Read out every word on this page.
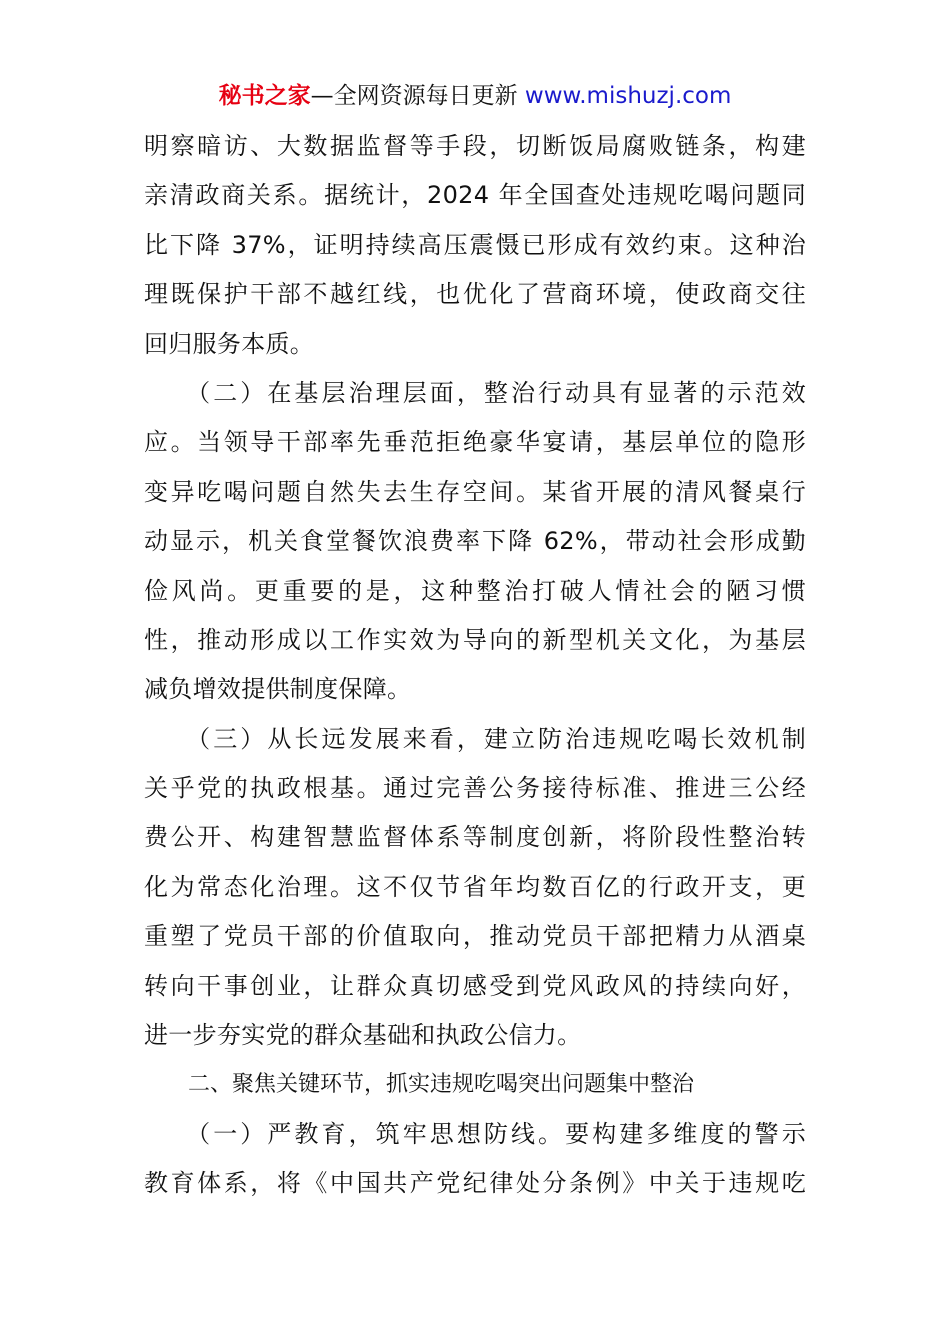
秘书之家—全网资源每日更新 www.mishuzj.com
明察暗访、大数据监督等手段，切断饭局腐败链条，构建
亲清政商关系。据统计，2024 年全国查处违规吃喝问题同
比下降 37%，证明持续高压震慑已形成有效约束。这种治
理既保护干部不越红线，也优化了营商环境，使政商交往
回归服务本质。
　　（二）在基层治理层面，整治行动具有显著的示范效
应。当领导干部率先垂范拒绝豪华宴请，基层单位的隐形
变异吃喝问题自然失去生存空间。某省开展的清风餐桌行
动显示，机关食堂餐饮浪费率下降 62%，带动社会形成勤
俭风尚。更重要的是，这种整治打破人情社会的陋习惯
性，推动形成以工作实效为导向的新型机关文化，为基层
减负增效提供制度保障。
　　（三）从长远发展来看，建立防治违规吃喝长效机制
关乎党的执政根基。通过完善公务接待标准、推进三公经
费公开、构建智慧监督体系等制度创新，将阶段性整治转
化为常态化治理。这不仅节省年均数百亿的行政开支，更
重塑了党员干部的价值取向，推动党员干部把精力从酒桌
转向干事创业，让群众真切感受到党风政风的持续向好，
进一步夯实党的群众基础和执政公信力。
　　二、聚焦关键环节，抓实违规吃喝突出问题集中整治
　　（一）严教育，筑牢思想防线。要构建多维度的警示
教育体系，将《中国共产党纪律处分条例》中关于违规吃
